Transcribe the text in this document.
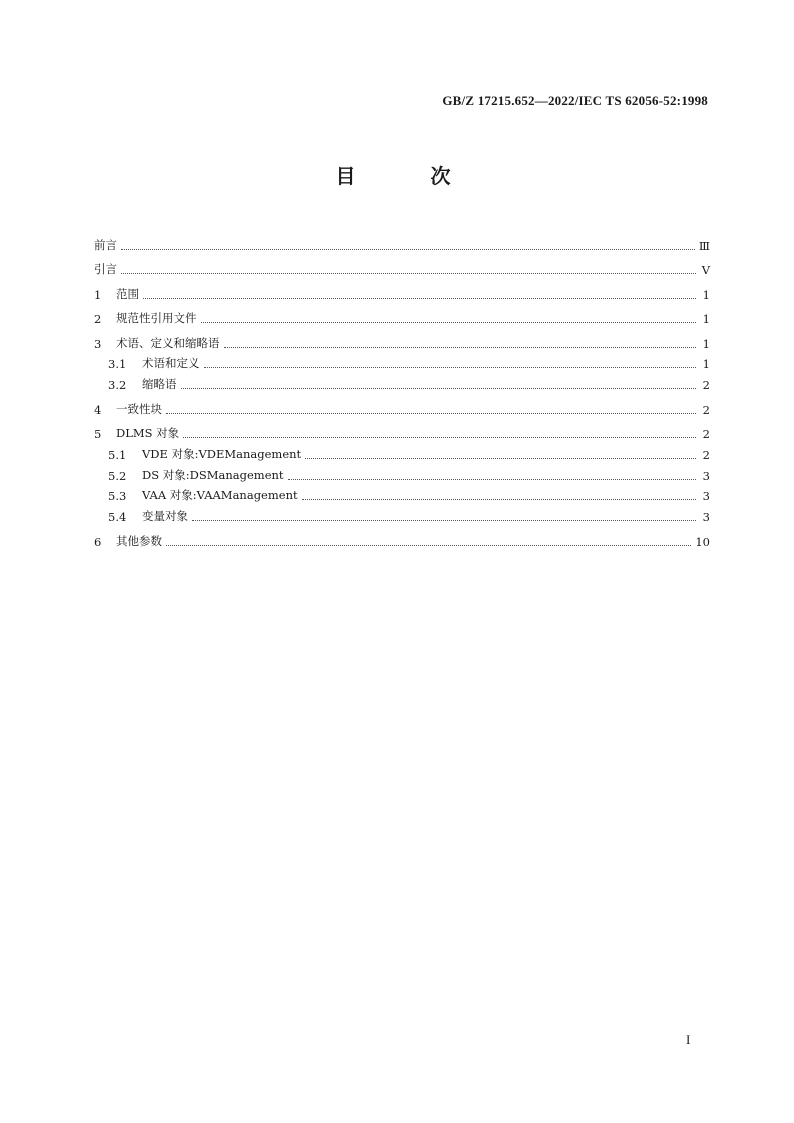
GB/Z 17215.652—2022/IEC TS 62056-52:1998
目 次
前言	Ⅲ
引言	Ⅴ
1	范围	1
2	规范性引用文件	1
3	术语、定义和缩略语	1
3.1	术语和定义	1
3.2	缩略语	2
4	一致性块	2
5	DLMS 对象	2
5.1	VDE 对象:VDEManagement	2
5.2	DS 对象:DSManagement	3
5.3	VAA 对象:VAAManagement	3
5.4	变量对象	3
6	其他参数	10
I
